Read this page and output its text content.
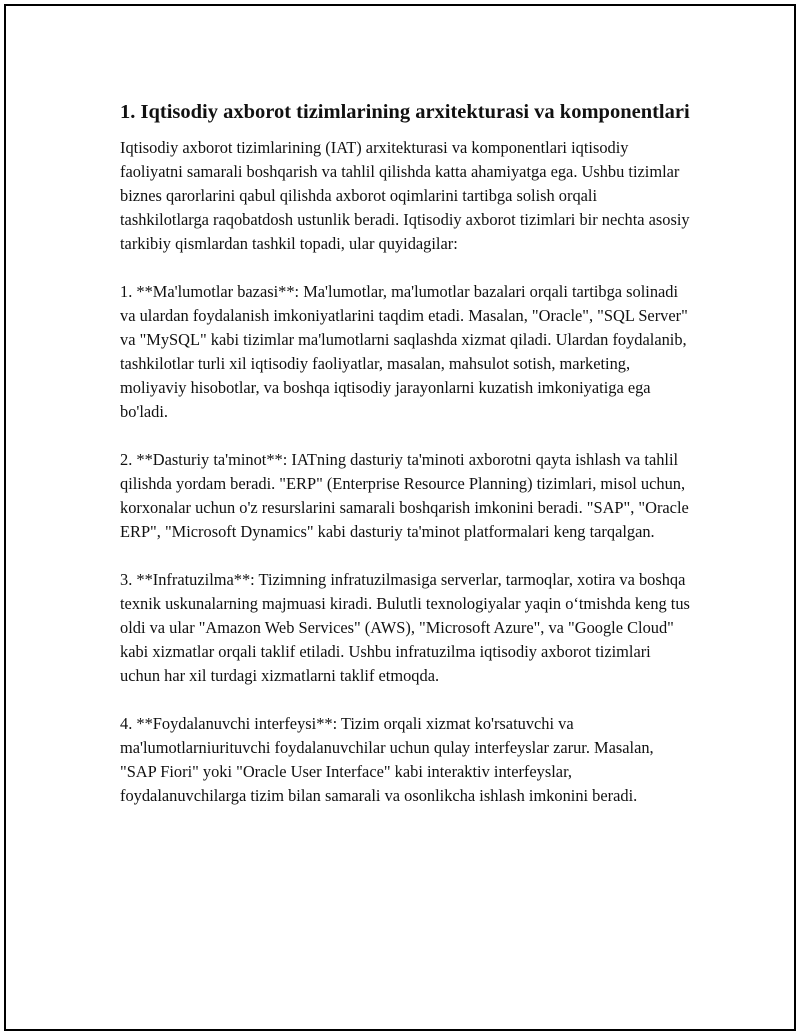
1. Iqtisodiy axborot tizimlarining arxitekturasi va komponentlari

Iqtisodiy axborot tizimlarining (IAT) arxitekturasi va komponentlari iqtisodiy faoliyatni samarali boshqarish va tahlil qilishda katta ahamiyatga ega. Ushbu tizimlar biznes qarorlarini qabul qilishda axborot oqimlarini tartibga solish orqali tashkilotlarga raqobatdosh ustunlik beradi. Iqtisodiy axborot tizimlari bir nechta asosiy tarkibiy qismlardan tashkil topadi, ular quyidagilar:

1. **Ma'lumotlar bazasi**: Ma'lumotlar, ma'lumotlar bazalari orqali tartibga solinadi va ulardan foydalanish imkoniyatlarini taqdim etadi. Masalan, "Oracle", "SQL Server" va "MySQL" kabi tizimlar ma'lumotlarni saqlashda xizmat qiladi. Ulardan foydalanib, tashkilotlar turli xil iqtisodiy faoliyatlar, masalan, mahsulot sotish, marketing, moliyaviy hisobotlar, va boshqa iqtisodiy jarayonlarni kuzatish imkoniyatiga ega bo'ladi.

2. **Dasturiy ta'minot**: IATning dasturiy ta'minoti axborotni qayta ishlash va tahlil qilishda yordam beradi. "ERP" (Enterprise Resource Planning) tizimlari, misol uchun, korxonalar uchun o'z resurslarini samarali boshqarish imkonini beradi. "SAP", "Oracle ERP", "Microsoft Dynamics" kabi dasturiy ta'minot platformalari keng tarqalgan.

3. **Infratuzilma**: Tizimning infratuzilmasiga serverlar, tarmoqlar, xotira va boshqa texnik uskunalarning majmuasi kiradi. Bulutli texnologiyalar yaqin oʻtmishda keng tus oldi va ular "Amazon Web Services" (AWS), "Microsoft Azure", va "Google Cloud" kabi xizmatlar orqali taklif etiladi. Ushbu infratuzilma iqtisodiy axborot tizimlari uchun har xil turdagi xizmatlarni taklif etmoqda.

4. **Foydalanuvchi interfeysi**: Tizim orqali xizmat ko'rsatuvchi va ma'lumotlarniurituvchi foydalanuvchilar uchun qulay interfeyslar zarur. Masalan, "SAP Fiori" yoki "Oracle User Interface" kabi interaktiv interfeyslar, foydalanuvchilarga tizim bilan samarali va osonlikcha ishlash imkonini beradi.
